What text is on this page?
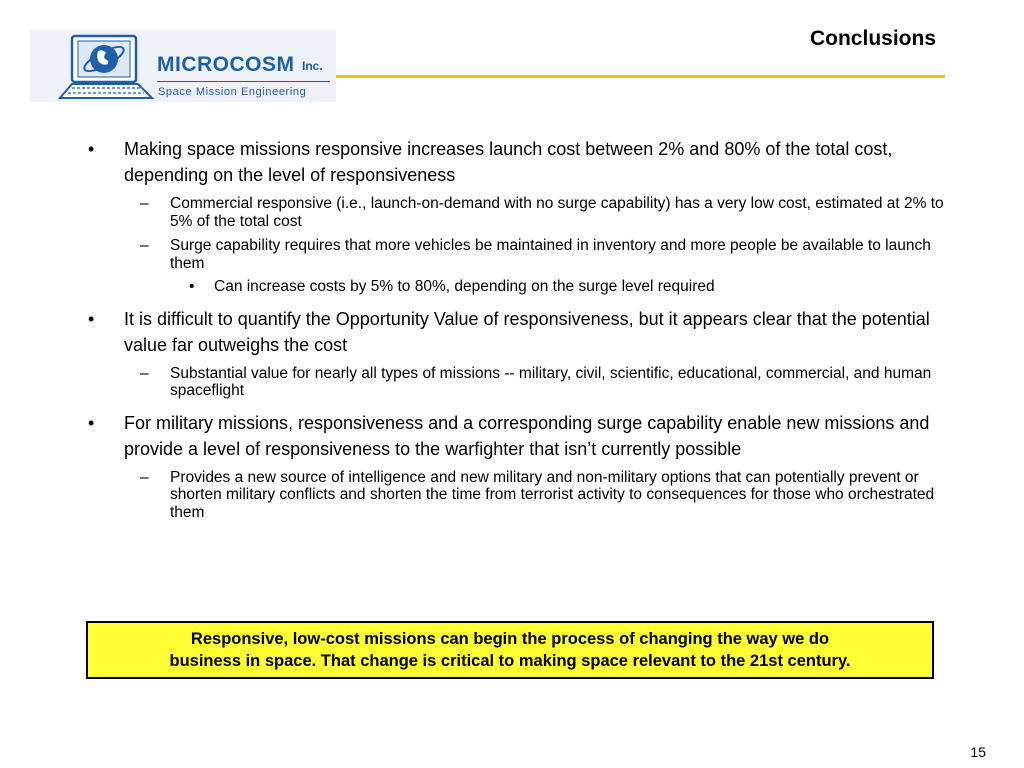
MICROCOSM Inc.
Space Mission Engineering
Conclusions
• Making space missions responsive increases launch cost between 2% and 80% of the total cost, depending on the level of responsiveness
– Commercial responsive (i.e., launch-on-demand with no surge capability) has a very low cost, estimated at 2% to 5% of the total cost
– Surge capability requires that more vehicles be maintained in inventory and more people be available to launch them
• Can increase costs by 5% to 80%, depending on the surge level required
• It is difficult to quantify the Opportunity Value of responsiveness, but it appears clear that the potential value far outweighs the cost
– Substantial value for nearly all types of missions -- military, civil, scientific, educational, commercial, and human spaceflight
• For military missions, responsiveness and a corresponding surge capability enable new missions and provide a level of responsiveness to the warfighter that isn’t currently possible
– Provides a new source of intelligence and new military and non-military options that can potentially prevent or shorten military conflicts and shorten the time from terrorist activity to consequences for those who orchestrated them
Responsive, low-cost missions can begin the process of changing the way we do
business in space. That change is critical to making space relevant to the 21st century.
15
